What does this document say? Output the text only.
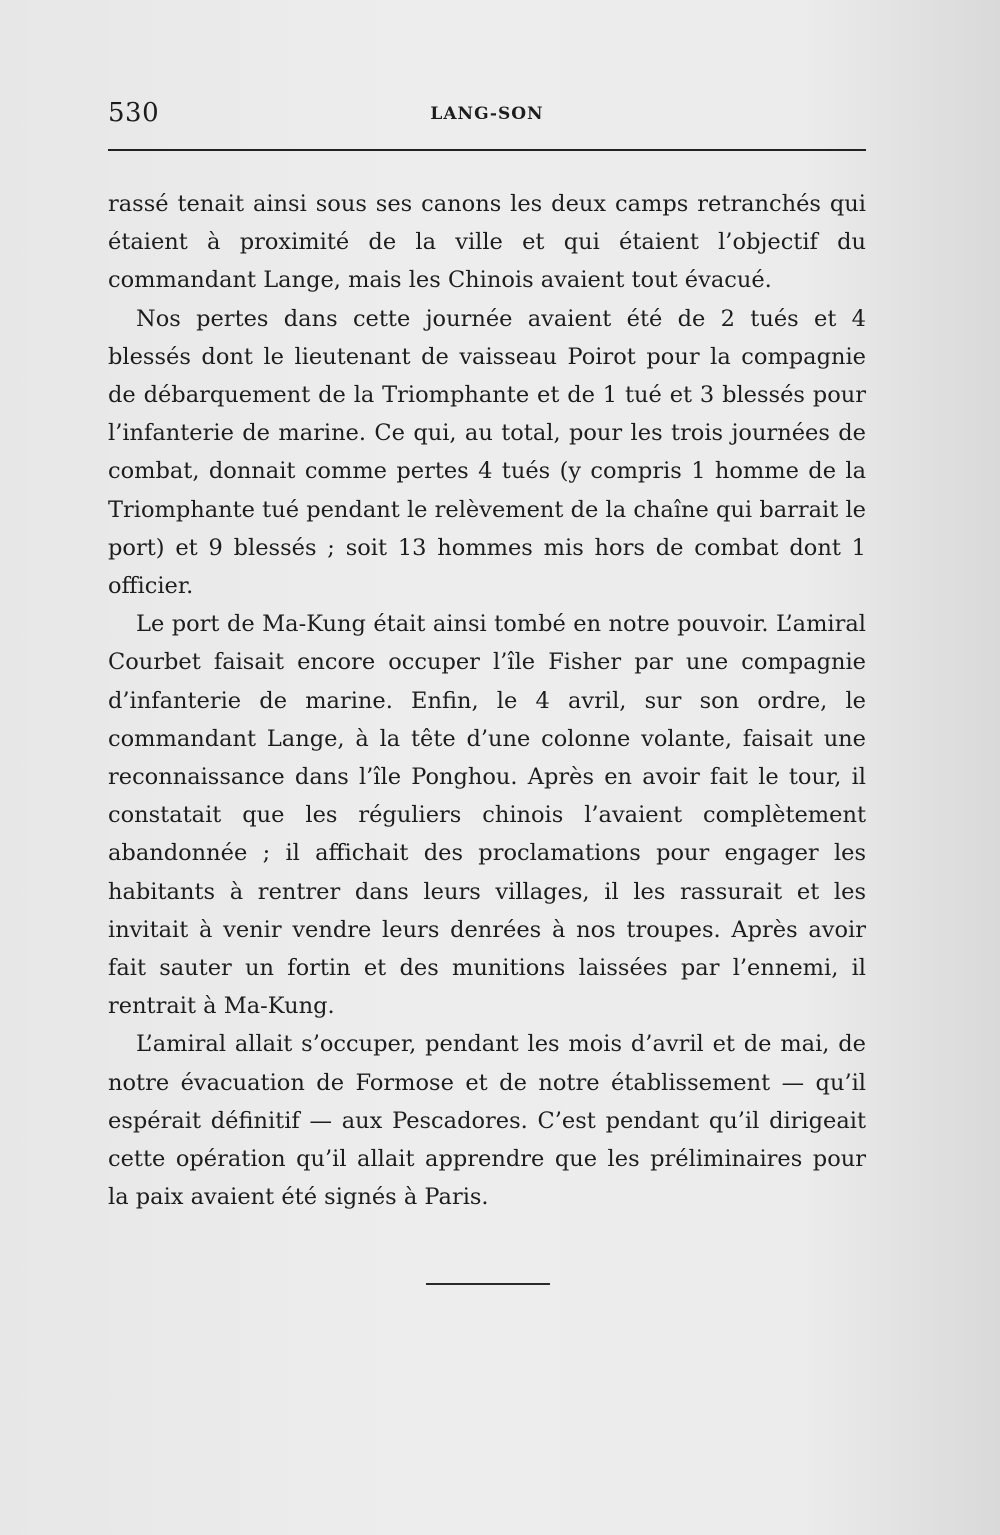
530	LANG-SON

rassé tenait ainsi sous ses canons les deux camps retranchés qui étaient à proximité de la ville et qui étaient l’objectif du commandant Lange, mais les Chinois avaient tout évacué.

Nos pertes dans cette journée avaient été de 2 tués et 4 blessés dont le lieutenant de vaisseau Poirot pour la compagnie de débarquement de la Triomphante et de 1 tué et 3 blessés pour l’infanterie de marine. Ce qui, au total, pour les trois journées de combat, donnait comme pertes 4 tués (y compris 1 homme de la Triomphante tué pendant le relèvement de la chaîne qui barrait le port) et 9 blessés ; soit 13 hommes mis hors de combat dont 1 officier.

Le port de Ma-Kung était ainsi tombé en notre pouvoir. L’amiral Courbet faisait encore occuper l’île Fisher par une compagnie d’infanterie de marine. Enfin, le 4 avril, sur son ordre, le commandant Lange, à la tête d’une colonne volante, faisait une reconnaissance dans l’île Ponghou. Après en avoir fait le tour, il constatait que les réguliers chinois l’avaient complètement abandonnée ; il affichait des proclamations pour engager les habitants à rentrer dans leurs villages, il les rassurait et les invitait à venir vendre leurs denrées à nos troupes. Après avoir fait sauter un fortin et des munitions laissées par l’ennemi, il rentrait à Ma-Kung.

L’amiral allait s’occuper, pendant les mois d’avril et de mai, de notre évacuation de Formose et de notre établissement — qu’il espérait définitif — aux Pescadores. C’est pendant qu’il dirigeait cette opération qu’il allait apprendre que les préliminaires pour la paix avaient été signés à Paris.
